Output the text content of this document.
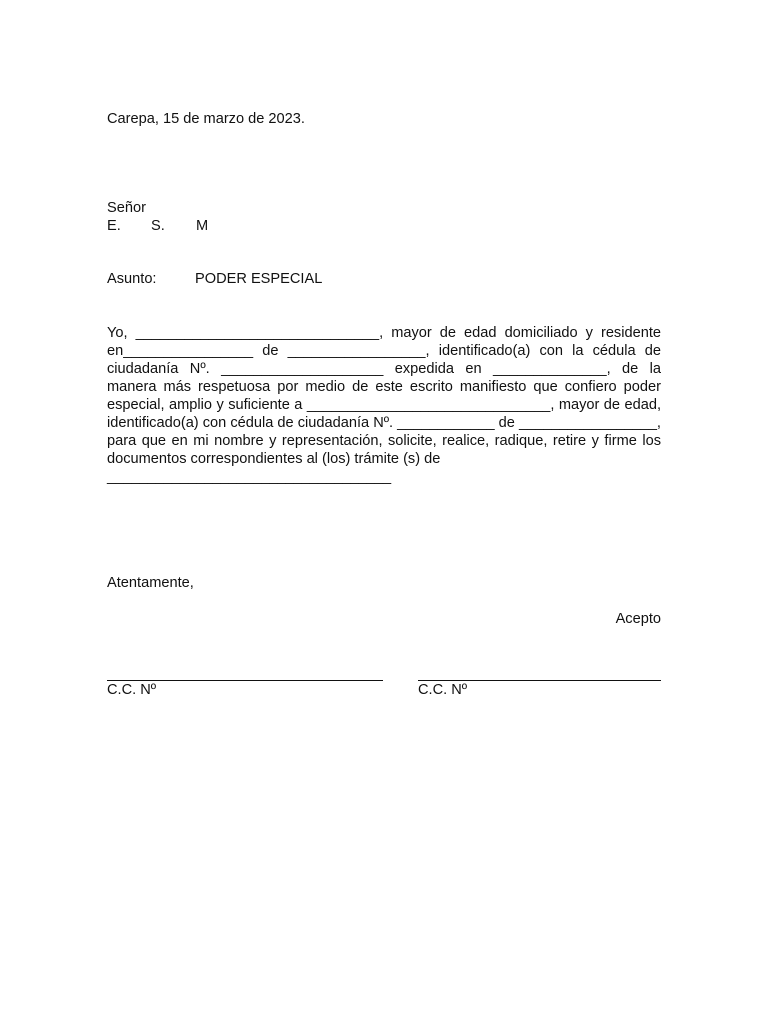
Carepa, 15 de marzo de 2023.
Señor
E.	S.	M
Asunto:	PODER ESPECIAL
Yo, ______________________________, mayor de edad domiciliado y residente en________________ de _________________, identificado(a) con la cédula de ciudadanía Nº. ____________________ expedida en ______________, de la manera más respetuosa por medio de este escrito manifiesto que confiero poder especial, amplio y suficiente a ______________________________, mayor de edad, identificado(a) con cédula de ciudadanía Nº. ____________ de _________________, para que en mi nombre y representación, solicite, realice, radique, retire y firme los documentos correspondientes al (los) trámite (s) de
___________________________________
Atentamente,
Acepto
C.C. Nº	C.C. Nº
